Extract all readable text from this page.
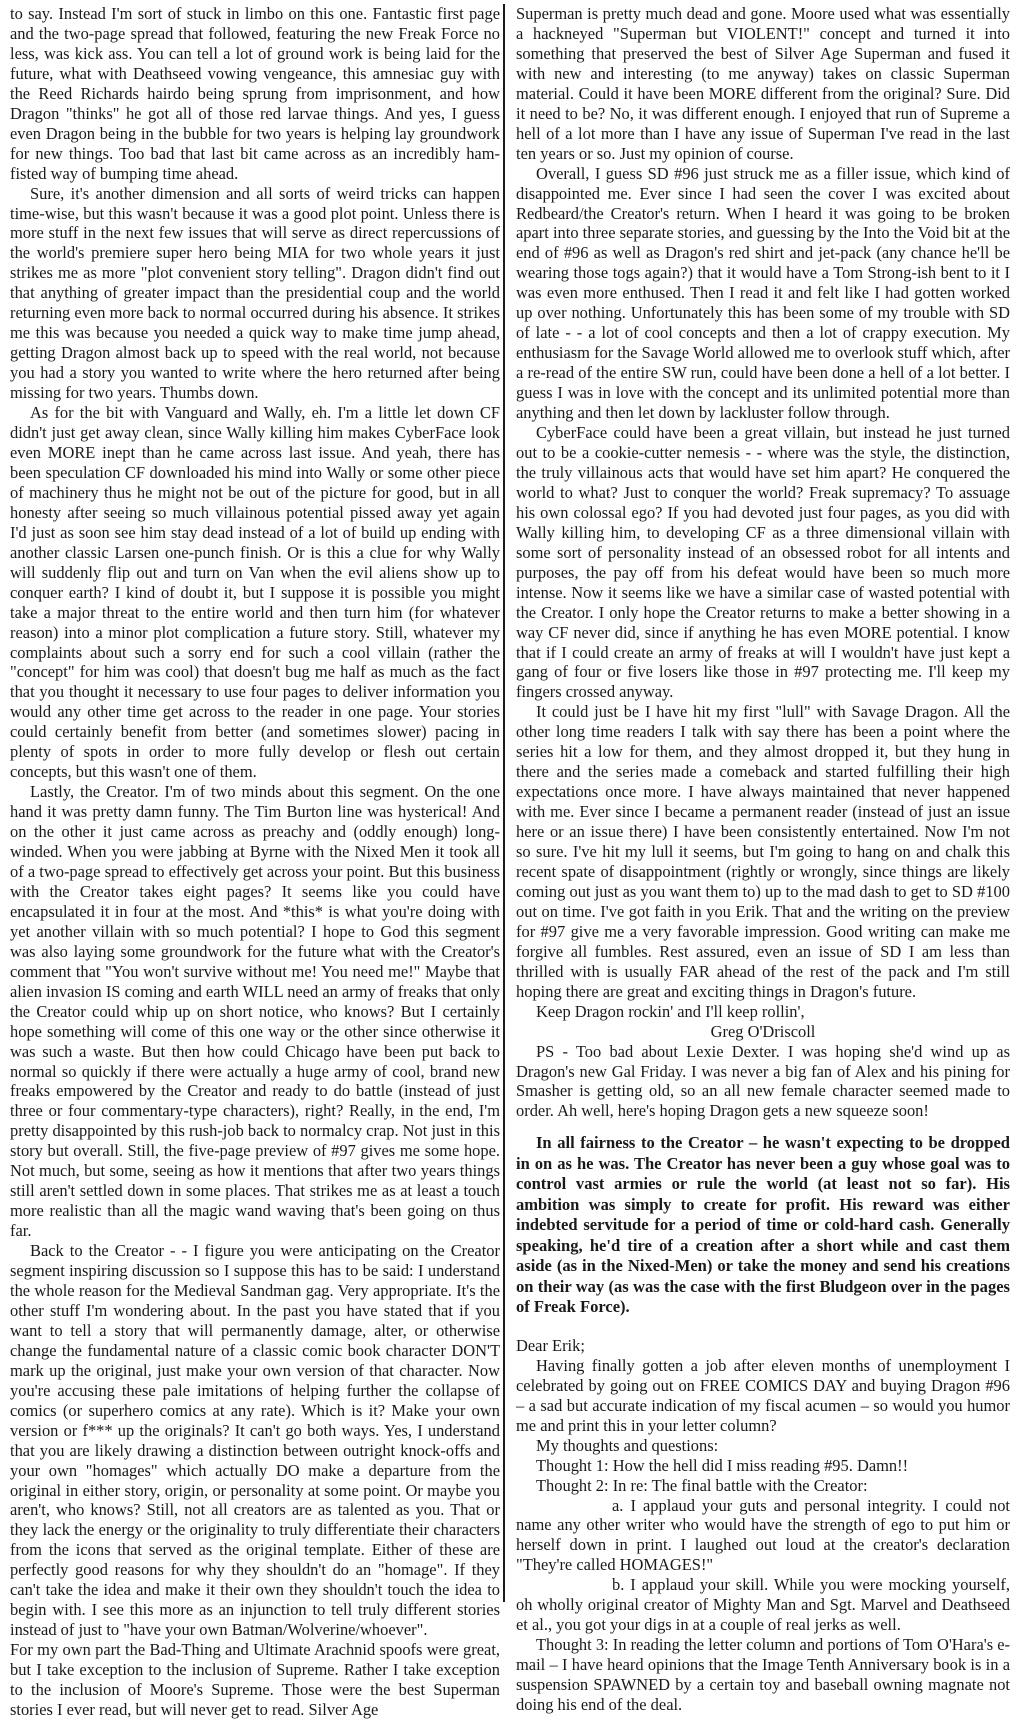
to say. Instead I'm sort of stuck in limbo on this one. Fantastic first page and the two-page spread that followed, featuring the new Freak Force no less, was kick ass. You can tell a lot of ground work is being laid for the future, what with Deathseed vowing vengeance, this amnesiac guy with the Reed Richards hairdo being sprung from imprisonment, and how Dragon "thinks" he got all of those red larvae things. And yes, I guess even Dragon being in the bubble for two years is helping lay groundwork for new things. Too bad that last bit came across as an incredibly ham-fisted way of bumping time ahead.

Sure, it's another dimension and all sorts of weird tricks can happen time-wise, but this wasn't because it was a good plot point. Unless there is more stuff in the next few issues that will serve as direct repercussions of the world's premiere super hero being MIA for two whole years it just strikes me as more "plot convenient story telling". Dragon didn't find out that anything of greater impact than the presidential coup and the world returning even more back to normal occurred during his absence. It strikes me this was because you needed a quick way to make time jump ahead, getting Dragon almost back up to speed with the real world, not because you had a story you wanted to write where the hero returned after being missing for two years. Thumbs down.

As for the bit with Vanguard and Wally, eh. I'm a little let down CF didn't just get away clean, since Wally killing him makes CyberFace look even MORE inept than he came across last issue. And yeah, there has been speculation CF downloaded his mind into Wally or some other piece of machinery thus he might not be out of the picture for good, but in all honesty after seeing so much villainous potential pissed away yet again I'd just as soon see him stay dead instead of a lot of build up ending with another classic Larsen one-punch finish. Or is this a clue for why Wally will suddenly flip out and turn on Van when the evil aliens show up to conquer earth? I kind of doubt it, but I suppose it is possible you might take a major threat to the entire world and then turn him (for whatever reason) into a minor plot complication a future story. Still, whatever my complaints about such a sorry end for such a cool villain (rather the "concept" for him was cool) that doesn't bug me half as much as the fact that you thought it necessary to use four pages to deliver information you would any other time get across to the reader in one page. Your stories could certainly benefit from better (and sometimes slower) pacing in plenty of spots in order to more fully develop or flesh out certain concepts, but this wasn't one of them.

Lastly, the Creator. I'm of two minds about this segment. On the one hand it was pretty damn funny. The Tim Burton line was hysterical! And on the other it just came across as preachy and (oddly enough) long-winded. When you were jabbing at Byrne with the Nixed Men it took all of a two-page spread to effectively get across your point. But this business with the Creator takes eight pages? It seems like you could have encapsulated it in four at the most. And *this* is what you're doing with yet another villain with so much potential? I hope to God this segment was also laying some groundwork for the future what with the Creator's comment that "You won't survive without me! You need me!" Maybe that alien invasion IS coming and earth WILL need an army of freaks that only the Creator could whip up on short notice, who knows? But I certainly hope something will come of this one way or the other since otherwise it was such a waste. But then how could Chicago have been put back to normal so quickly if there were actually a huge army of cool, brand new freaks empowered by the Creator and ready to do battle (instead of just three or four commentary-type characters), right? Really, in the end, I'm pretty disappointed by this rush-job back to normalcy crap. Not just in this story but overall. Still, the five-page preview of #97 gives me some hope. Not much, but some, seeing as how it mentions that after two years things still aren't settled down in some places. That strikes me as at least a touch more realistic than all the magic wand waving that's been going on thus far.

Back to the Creator - - I figure you were anticipating on the Creator segment inspiring discussion so I suppose this has to be said: I understand the whole reason for the Medieval Sandman gag. Very appropriate. It's the other stuff I'm wondering about. In the past you have stated that if you want to tell a story that will permanently damage, alter, or otherwise change the fundamental nature of a classic comic book character DON'T mark up the original, just make your own version of that character. Now you're accusing these pale imitations of helping further the collapse of comics (or superhero comics at any rate). Which is it? Make your own version or f*** up the originals? It can't go both ways. Yes, I understand that you are likely drawing a distinction between outright knock-offs and your own "homages" which actually DO make a departure from the original in either story, origin, or personality at some point. Or maybe you aren't, who knows? Still, not all creators are as talented as you. That or they lack the energy or the originality to truly differentiate their characters from the icons that served as the original template. Either of these are perfectly good reasons for why they shouldn't do an "homage". If they can't take the idea and make it their own they shouldn't touch the idea to begin with. I see this more as an injunction to tell truly different stories instead of just to "have your own Batman/Wolverine/whoever".

For my own part the Bad-Thing and Ultimate Arachnid spoofs were great, but I take exception to the inclusion of Supreme. Rather I take exception to the inclusion of Moore's Supreme. Those were the best Superman stories I ever read, but will never get to read. Silver Age

Superman is pretty much dead and gone. Moore used what was essentially a hackneyed "Superman but VIOLENT!" concept and turned it into something that preserved the best of Silver Age Superman and fused it with new and interesting (to me anyway) takes on classic Superman material. Could it have been MORE different from the original? Sure. Did it need to be? No, it was different enough. I enjoyed that run of Supreme a hell of a lot more than I have any issue of Superman I've read in the last ten years or so. Just my opinion of course.

Overall, I guess SD #96 just struck me as a filler issue, which kind of disappointed me. Ever since I had seen the cover I was excited about Redbeard/the Creator's return. When I heard it was going to be broken apart into three separate stories, and guessing by the Into the Void bit at the end of #96 as well as Dragon's red shirt and jet-pack (any chance he'll be wearing those togs again?) that it would have a Tom Strong-ish bent to it I was even more enthused. Then I read it and felt like I had gotten worked up over nothing. Unfortunately this has been some of my trouble with SD of late - - a lot of cool concepts and then a lot of crappy execution. My enthusiasm for the Savage World allowed me to overlook stuff which, after a re-read of the entire SW run, could have been done a hell of a lot better. I guess I was in love with the concept and its unlimited potential more than anything and then let down by lackluster follow through.

CyberFace could have been a great villain, but instead he just turned out to be a cookie-cutter nemesis - - where was the style, the distinction, the truly villainous acts that would have set him apart? He conquered the world to what? Just to conquer the world? Freak supremacy? To assuage his own colossal ego? If you had devoted just four pages, as you did with Wally killing him, to developing CF as a three dimensional villain with some sort of personality instead of an obsessed robot for all intents and purposes, the pay off from his defeat would have been so much more intense. Now it seems like we have a similar case of wasted potential with the Creator. I only hope the Creator returns to make a better showing in a way CF never did, since if anything he has even MORE potential. I know that if I could create an army of freaks at will I wouldn't have just kept a gang of four or five losers like those in #97 protecting me. I'll keep my fingers crossed anyway.

It could just be I have hit my first "lull" with Savage Dragon. All the other long time readers I talk with say there has been a point where the series hit a low for them, and they almost dropped it, but they hung in there and the series made a comeback and started fulfilling their high expectations once more. I have always maintained that never happened with me. Ever since I became a permanent reader (instead of just an issue here or an issue there) I have been consistently entertained. Now I'm not so sure. I've hit my lull it seems, but I'm going to hang on and chalk this recent spate of disappointment (rightly or wrongly, since things are likely coming out just as you want them to) up to the mad dash to get to SD #100 out on time. I've got faith in you Erik. That and the writing on the preview for #97 give me a very favorable impression. Good writing can make me forgive all fumbles. Rest assured, even an issue of SD I am less than thrilled with is usually FAR ahead of the rest of the pack and I'm still hoping there are great and exciting things in Dragon's future.

Keep Dragon rockin' and I'll keep rollin',

Greg O'Driscoll

PS - Too bad about Lexie Dexter. I was hoping she'd wind up as Dragon's new Gal Friday. I was never a big fan of Alex and his pining for Smasher is getting old, so an all new female character seemed made to order. Ah well, here's hoping Dragon gets a new squeeze soon!

In all fairness to the Creator – he wasn't expecting to be dropped in on as he was. The Creator has never been a guy whose goal was to control vast armies or rule the world (at least not so far). His ambition was simply to create for profit. His reward was either indebted servitude for a period of time or cold-hard cash. Generally speaking, he'd tire of a creation after a short while and cast them aside (as in the Nixed-Men) or take the money and send his creations on their way (as was the case with the first Bludgeon over in the pages of Freak Force).

Dear Erik;

Having finally gotten a job after eleven months of unemployment I celebrated by going out on FREE COMICS DAY and buying Dragon #96 – a sad but accurate indication of my fiscal acumen – so would you humor me and print this in your letter column?

My thoughts and questions:

Thought 1: How the hell did I miss reading #95. Damn!!

Thought 2: In re: The final battle with the Creator:

a. I applaud your guts and personal integrity. I could not name any other writer who would have the strength of ego to put him or herself down in print. I laughed out loud at the creator's declaration "They're called HOMAGES!"

b. I applaud your skill. While you were mocking yourself, oh wholly original creator of Mighty Man and Sgt. Marvel and Deathseed et al., you got your digs in at a couple of real jerks as well.

Thought 3: In reading the letter column and portions of Tom O'Hara's e-mail – I have heard opinions that the Image Tenth Anniversary book is in a suspension SPAWNED by a certain toy and baseball owning magnate not doing his end of the deal.
